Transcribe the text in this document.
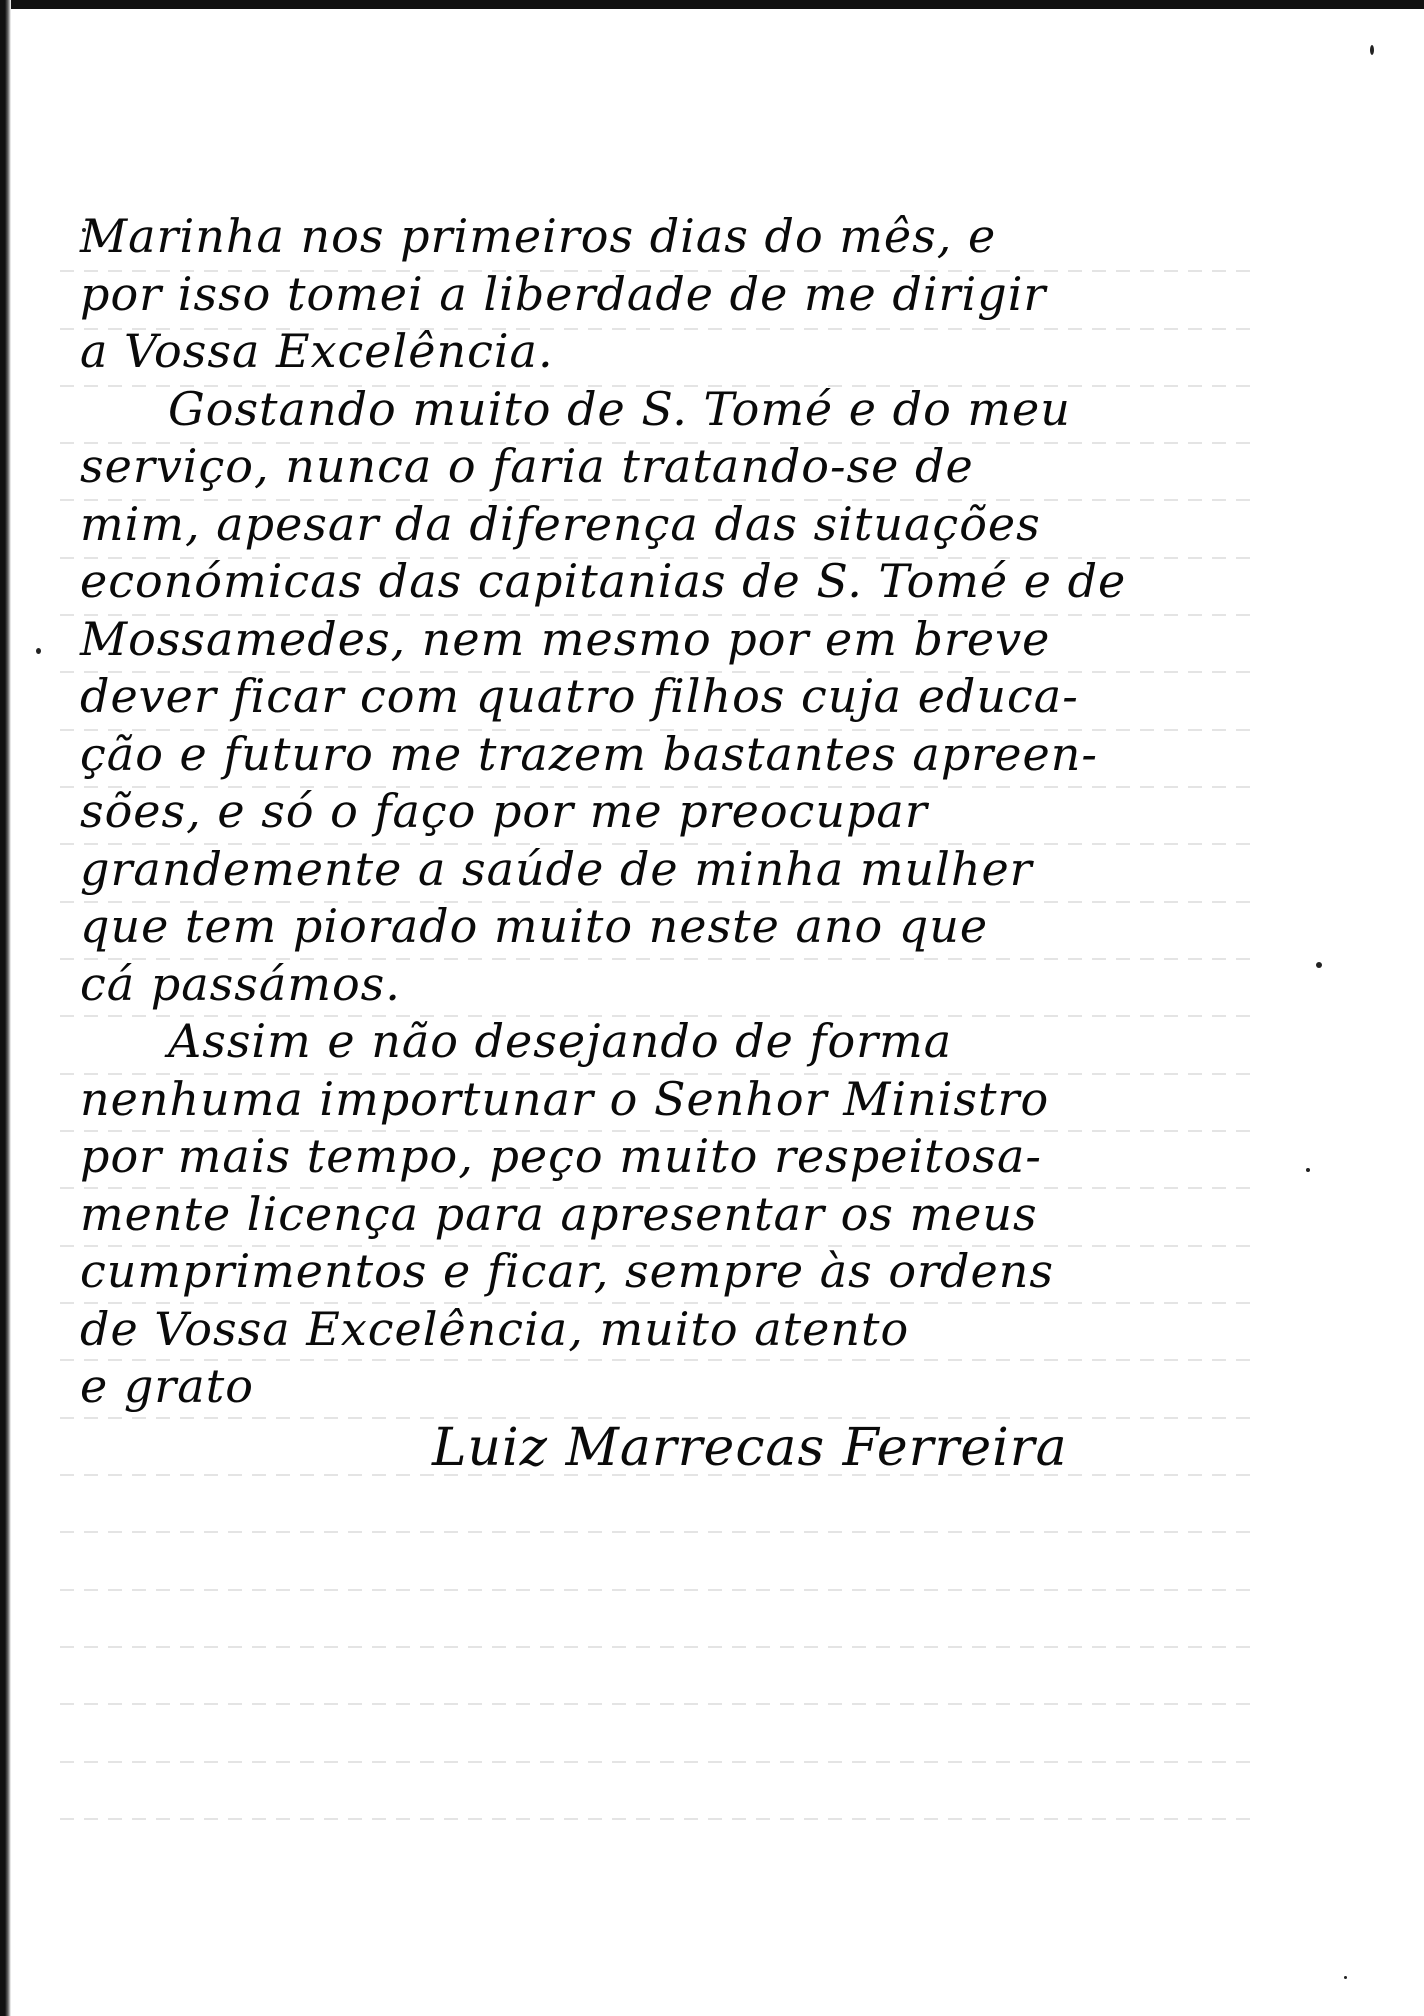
Marinha nos primeiros dias do mês, e
por isso tomei a liberdade de me dirigir
a Vossa Excelência.
Gostando muito de S. Tomé e do meu
serviço, nunca o faria tratando-se de
mim, apesar da diferença das situações
económicas das capitanias de S. Tomé e de
Mossamedes, nem mesmo por em breve
dever ficar com quatro filhos cuja educa-
ção e futuro me trazem bastantes apreen-
sões, e só o faço por me preocupar
grandemente a saúde de minha mulher
que tem piorado muito neste ano que
cá passámos.
Assim e não desejando de forma
nenhuma importunar o Senhor Ministro
por mais tempo, peço muito respeitosa-
mente licença para apresentar os meus
cumprimentos e ficar, sempre às ordens
de Vossa Excelência, muito atento
e grato
Luiz Marrecas Ferreira
